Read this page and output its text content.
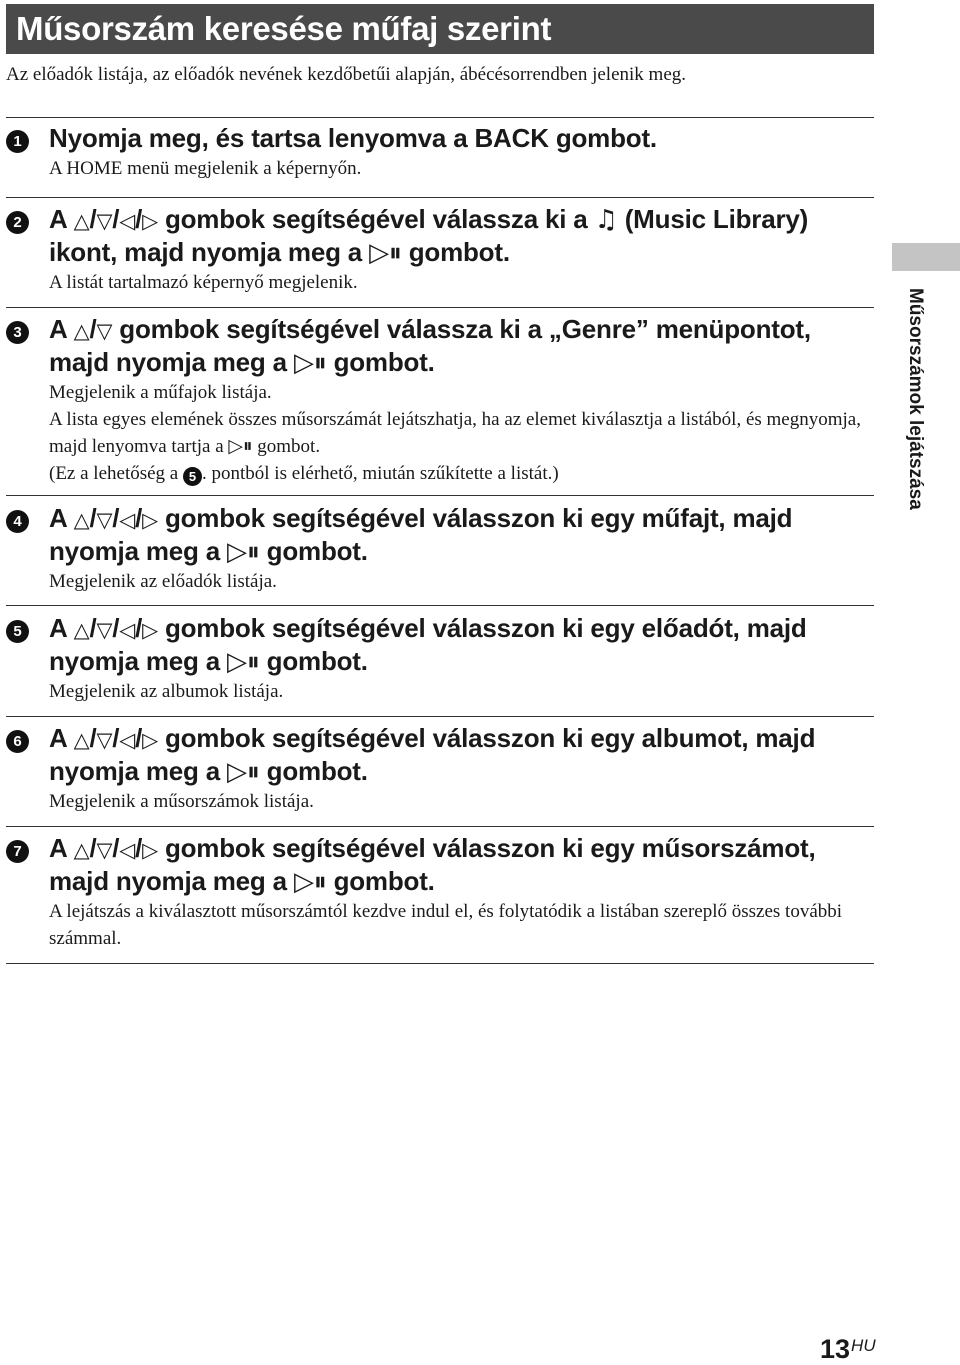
Műsorszám keresése műfaj szerint

Az előadók listája, az előadók nevének kezdőbetűi alapján, ábécésorrendben jelenik meg.

1 Nyomja meg, és tartsa lenyomva a BACK gombot.

A HOME menü megjelenik a képernyőn.

2 A △/▽/◁/▷ gombok segítségével válassza ki a ♫ (Music Library) ikont, majd nyomja meg a ▷⏸ gombot.

A listát tartalmazó képernyő megjelenik.

3 A △/▽ gombok segítségével válassza ki a „Genre” menüpontot, majd nyomja meg a ▷⏸ gombot.

Megjelenik a műfajok listája.
A lista egyes elemének összes műsorszámát lejátszhatja, ha az elemet kiválasztja a listából, és megnyomja, majd lenyomva tartja a ▷⏸ gombot.
(Ez a lehetőség a 5 . pontból is elérhető, miután szűkítette a listát.)

4 A △/▽/◁/▷ gombok segítségével válasszon ki egy műfajt, majd nyomja meg a ▷⏸ gombot.

Megjelenik az előadók listája.

5 A △/▽/◁/▷ gombok segítségével válasszon ki egy előadót, majd nyomja meg a ▷⏸ gombot.

Megjelenik az albumok listája.

6 A △/▽/◁/▷ gombok segítségével válasszon ki egy albumot, majd nyomja meg a ▷⏸ gombot.

Megjelenik a műsorszámok listája.

7 A △/▽/◁/▷ gombok segítségével válasszon ki egy műsorszámot, majd nyomja meg a ▷⏸ gombot.

A lejátszás a kiválasztott műsorszámtól kezdve indul el, és folytatódik a listában szereplő összes további számmal.

Műsorszámok lejátszása
$13^{HU}$
